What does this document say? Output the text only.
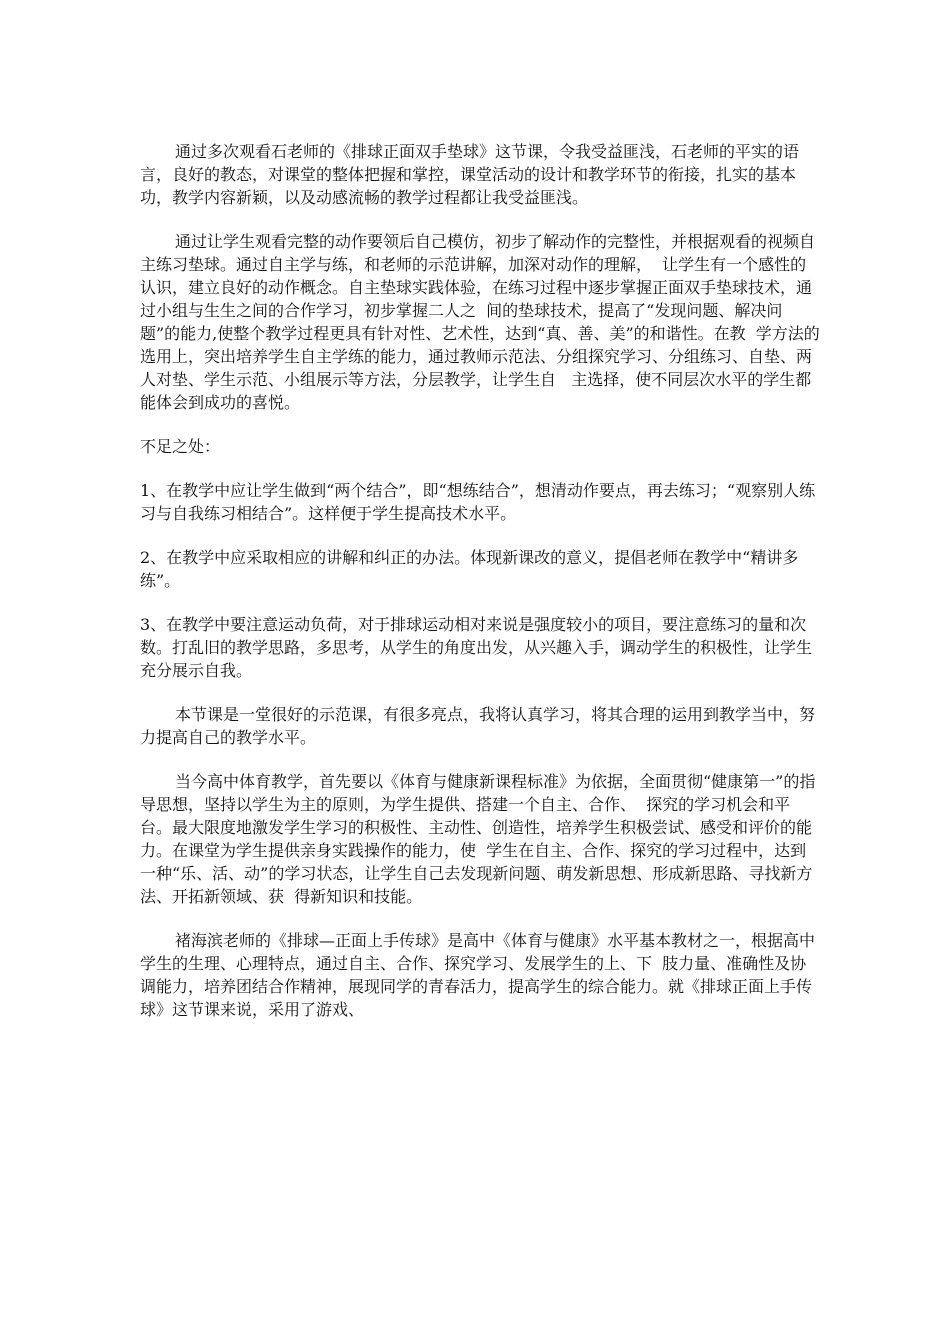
通过多次观看石老师的《排球正面双手垫球》这节课，令我受益匪浅，石老师的平实的语言，良好的教态，对课堂的整体把握和掌控，课堂活动的设计和教学环节的衔接，扎实的基本功，教学内容新颖，以及动感流畅的教学过程都让我受益匪浅。

通过让学生观看完整的动作要领后自己模仿，初步了解动作的完整性，并根据观看的视频自主练习垫球。通过自主学与练，和老师的示范讲解，加深对动作的理解，  让学生有一个感性的认识，建立良好的动作概念。自主垫球实践体验，在练习过程中逐步掌握正面双手垫球技术，通过小组与生生之间的合作学习，初步掌握二人之  间的垫球技术，提高了“发现问题、解决问题”的能力,使整个教学过程更具有针对性、艺术性，达到“真、善、美”的和谐性。在教  学方法的选用上，突出培养学生自主学练的能力，通过教师示范法、分组探究学习、分组练习、自垫、两人对垫、学生示范、小组展示等方法，分层教学，让学生自   主选择，使不同层次水平的学生都能体会到成功的喜悦。

不足之处：

1、在教学中应让学生做到“两个结合”，即“想练结合”，想清动作要点，再去练习；“观察别人练习与自我练习相结合”。这样便于学生提高技术水平。

2、在教学中应采取相应的讲解和纠正的办法。体现新课改的意义，提倡老师在教学中“精讲多练”。

3、在教学中要注意运动负荷，对于排球运动相对来说是强度较小的项目，要注意练习的量和次数。打乱旧的教学思路，多思考，从学生的角度出发，从兴趣入手，调动学生的积极性，让学生充分展示自我。

本节课是一堂很好的示范课，有很多亮点，我将认真学习，将其合理的运用到教学当中，努力提高自己的教学水平。

当今高中体育教学，首先要以《体育与健康新课程标准》为依据，全面贯彻“健康第一”的指导思想，坚持以学生为主的原则，为学生提供、搭建一个自主、合作、  探究的学习机会和平台。最大限度地激发学生学习的积极性、主动性、创造性，培养学生积极尝试、感受和评价的能力。在课堂为学生提供亲身实践操作的能力，使  学生在自主、合作、探究的学习过程中，达到一种“乐、活、动”的学习状态，让学生自己去发现新问题、萌发新思想、形成新思路、寻找新方法、开拓新领域、获  得新知识和技能。

褚海滨老师的《排球—正面上手传球》是高中《体育与健康》水平基本教材之一，根据高中学生的生理、心理特点，通过自主、合作、探究学习、发展学生的上、下  肢力量、准确性及协调能力，培养团结合作精神，展现同学的青春活力，提高学生的综合能力。就《排球正面上手传球》这节课来说，采用了游戏、
